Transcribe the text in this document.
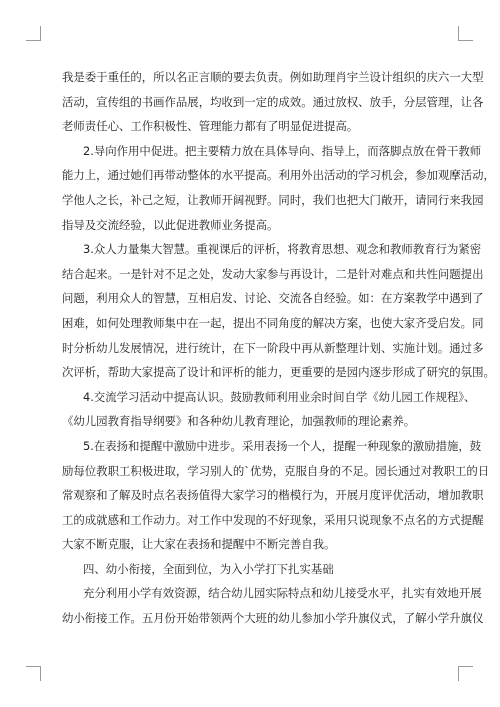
我是委于重任的，所以名正言顺的要去负责。例如助理肖宇兰设计组织的庆六一大型
活动，宣传组的书画作品展，均收到一定的成效。通过放权、放手，分层管理，让各
老师责任心、工作积极性、管理能力都有了明显促进提高。
2.导向作用中促进。把主要精力放在具体导向、指导上，而落脚点放在骨干教师
能力上，通过她们再带动整体的水平提高。利用外出活动的学习机会，参加观摩活动，
学他人之长，补己之短，让教师开阔视野。同时，我们也把大门敞开，请同行来我园
指导及交流经验，以此促进教师业务提高。
3.众人力量集大智慧。重视课后的评析，将教育思想、观念和教师教育行为紧密
结合起来。一是针对不足之处，发动大家参与再设计，二是针对难点和共性问题提出
问题，利用众人的智慧，互相启发、讨论、交流各自经验。如：在方案教学中遇到了
困难，如何处理教师集中在一起，提出不同角度的解决方案，也使大家齐受启发。同
时分析幼儿发展情况，进行统计，在下一阶段中再从新整理计划、实施计划。通过多
次评析，帮助大家提高了设计和评析的能力，更重要的是园内逐步形成了研究的氛围。
4.交流学习活动中提高认识。鼓励教师利用业余时间自学《幼儿园工作规程》、
《幼儿园教育指导纲要》和各种幼儿教育理论，加强教师的理论素养。
5.在表扬和提醒中激励中进步。采用表扬一个人，提醒一种现象的激励措施，鼓
励每位教职工积极进取，学习别人的`优势，克服自身的不足。园长通过对教职工的日
常观察和了解及时点名表扬值得大家学习的楷模行为，开展月度评优活动，增加教职
工的成就感和工作动力。对工作中发现的不好现象，采用只说现象不点名的方式提醒
大家不断克服，让大家在表扬和提醒中不断完善自我。
四、幼小衔接，全面到位，为入小学打下扎实基础
充分利用小学有效资源，结合幼儿园实际特点和幼儿接受水平，扎实有效地开展
幼小衔接工作。五月份开始带领两个大班的幼儿参加小学升旗仪式，了解小学升旗仪
